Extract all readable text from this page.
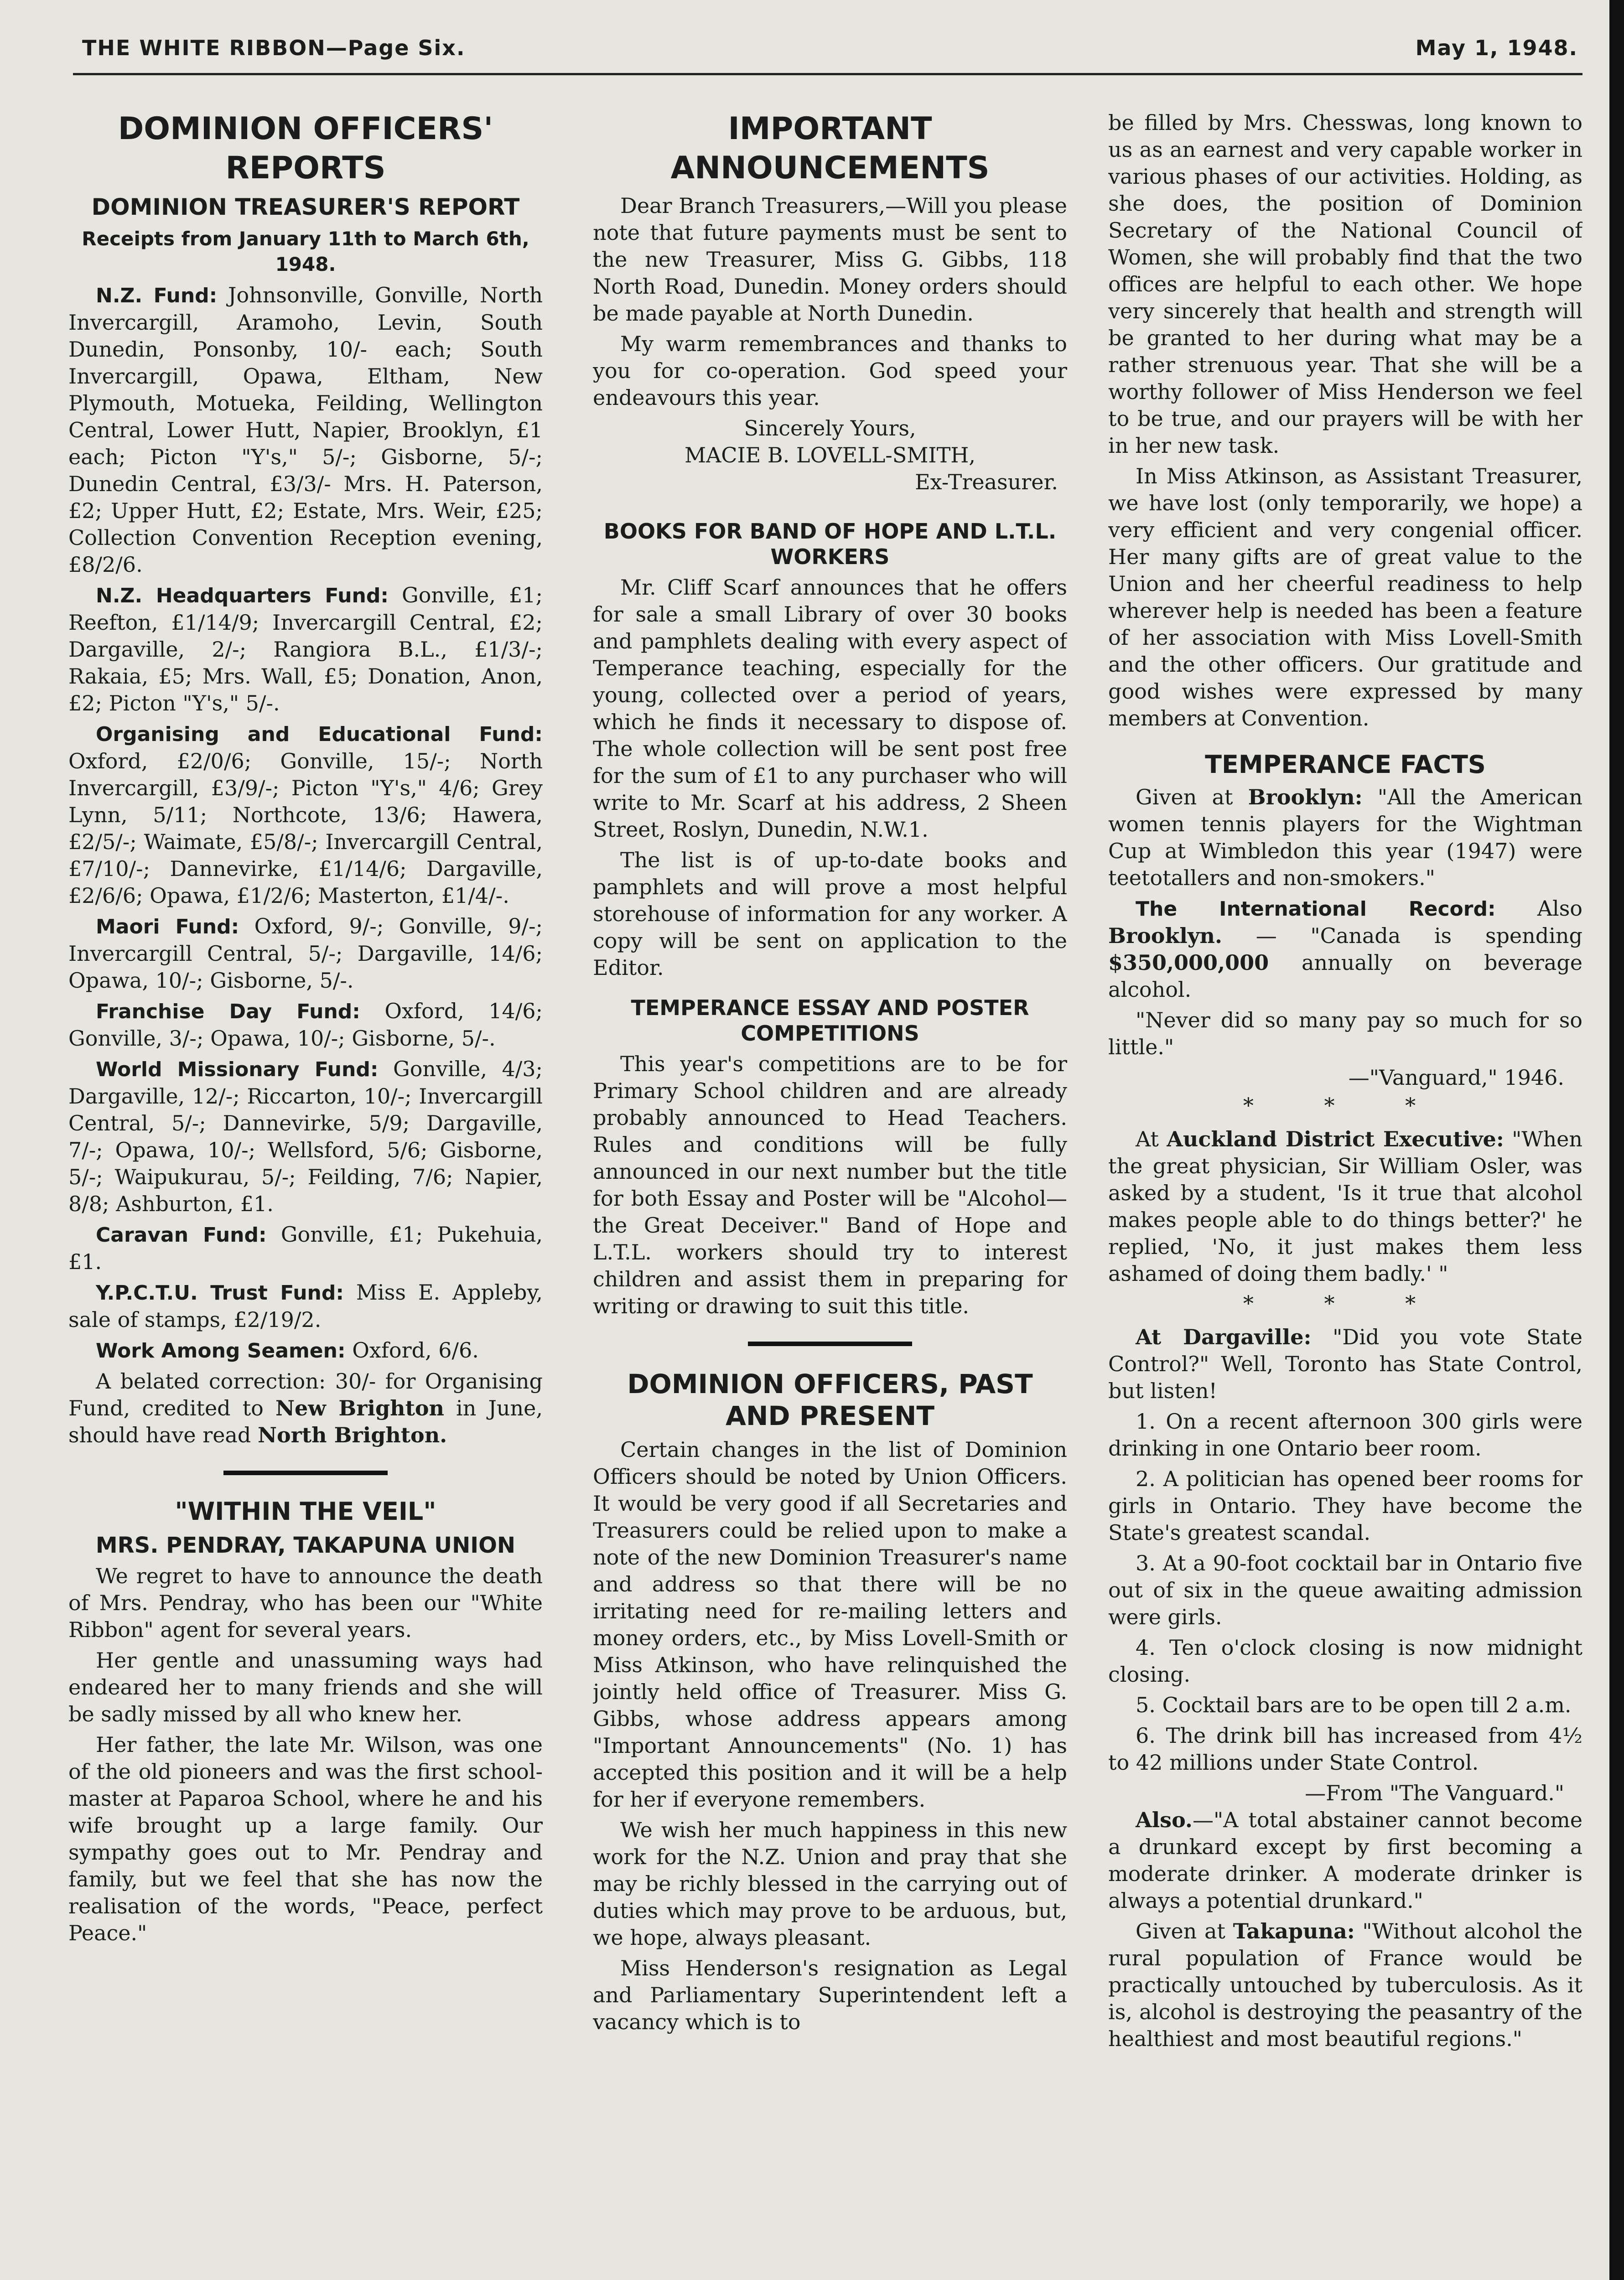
THE WHITE RIBBON—Page Six.	May 1, 1948.
DOMINION OFFICERS' REPORTS
DOMINION TREASURER'S REPORT
Receipts from January 11th to March 6th, 1948.

N.Z. Fund: Johnsonville, Gonville, North Invercargill, Aramoho, Levin, South Dunedin, Ponsonby, 10/- each; South Invercargill, Opawa, Eltham, New Plymouth, Motueka, Feilding, Wellington Central, Lower Hutt, Napier, Brooklyn, £1 each; Picton "Y's," 5/-; Gisborne, 5/-; Dunedin Central, £3/3/- Mrs. H. Paterson, £2; Upper Hutt, £2; Estate, Mrs. Weir, £25; Collection Convention Reception evening, £8/2/6.

N.Z. Headquarters Fund: Gonville, £1; Reefton, £1/14/9; Invercargill Central, £2; Dargaville, 2/-; Rangiora B.L., £1/3/-; Rakaia, £5; Mrs. Wall, £5; Donation, Anon, £2; Picton "Y's," 5/-.

Organising and Educational Fund: Oxford, £2/0/6; Gonville, 15/-; North Invercargill, £3/9/-; Picton "Y's," 4/6; Grey Lynn, 5/11; Northcote, 13/6; Hawera, £2/5/-; Waimate, £5/8/-; Invercargill Central, £7/10/-; Dannevirke, £1/14/6; Dargaville, £2/6/6; Opawa, £1/2/6; Masterton, £1/4/-.

Maori Fund: Oxford, 9/-; Gonville, 9/-; Invercargill Central, 5/-; Dargaville, 14/6; Opawa, 10/-; Gisborne, 5/-.

Franchise Day Fund: Oxford, 14/6; Gonville, 3/-; Opawa, 10/-; Gisborne, 5/-.

World Missionary Fund: Gonville, 4/3; Dargaville, 12/-; Riccarton, 10/-; Invercargill Central, 5/-; Dannevirke, 5/9; Dargaville, 7/-; Opawa, 10/-; Wellsford, 5/6; Gisborne, 5/-; Waipukurau, 5/-; Feilding, 7/6; Napier, 8/8; Ashburton, £1.

Caravan Fund: Gonville, £1; Pukehuia, £1.

Y.P.C.T.U. Trust Fund: Miss E. Appleby, sale of stamps, £2/19/2.

Work Among Seamen: Oxford, 6/6.

A belated correction: 30/- for Organising Fund, credited to New Brighton in June, should have read North Brighton.

"WITHIN THE VEIL"
MRS. PENDRAY, TAKAPUNA UNION

We regret to have to announce the death of Mrs. Pendray, who has been our "White Ribbon" agent for several years.

Her gentle and unassuming ways had endeared her to many friends and she will be sadly missed by all who knew her.

Her father, the late Mr. Wilson, was one of the old pioneers and was the first school-master at Paparoa School, where he and his wife brought up a large family. Our sympathy goes out to Mr. Pendray and family, but we feel that she has now the realisation of the words, "Peace, perfect Peace."

IMPORTANT ANNOUNCEMENTS

Dear Branch Treasurers,—Will you please note that future payments must be sent to the new Treasurer, Miss G. Gibbs, 118 North Road, Dunedin. Money orders should be made payable at North Dunedin.

My warm remembrances and thanks to you for co-operation. God speed your endeavours this year.

Sincerely Yours,

MACIE B. LOVELL-SMITH,

Ex-Treasurer.

BOOKS FOR BAND OF HOPE AND L.T.L. WORKERS

Mr. Cliff Scarf announces that he offers for sale a small Library of over 30 books and pamphlets dealing with every aspect of Temperance teaching, especially for the young, collected over a period of years, which he finds it necessary to dispose of. The whole collection will be sent post free for the sum of £1 to any purchaser who will write to Mr. Scarf at his address, 2 Sheen Street, Roslyn, Dunedin, N.W.1.

The list is of up-to-date books and pamphlets and will prove a most helpful storehouse of information for any worker. A copy will be sent on application to the Editor.

TEMPERANCE ESSAY AND POSTER COMPETITIONS

This year's competitions are to be for Primary School children and are already probably announced to Head Teachers. Rules and conditions will be fully announced in our next number but the title for both Essay and Poster will be "Alcohol—the Great Deceiver." Band of Hope and L.T.L. workers should try to interest children and assist them in preparing for writing or drawing to suit this title.

DOMINION OFFICERS, PAST AND PRESENT

Certain changes in the list of Dominion Officers should be noted by Union Officers. It would be very good if all Secretaries and Treasurers could be relied upon to make a note of the new Dominion Treasurer's name and address so that there will be no irritating need for re-mailing letters and money orders, etc., by Miss Lovell-Smith or Miss Atkinson, who have relinquished the jointly held office of Treasurer. Miss G. Gibbs, whose address appears among "Important Announcements" (No. 1) has accepted this position and it will be a help for her if everyone remembers.

We wish her much happiness in this new work for the N.Z. Union and pray that she may be richly blessed in the carrying out of duties which may prove to be arduous, but, we hope, always pleasant.

Miss Henderson's resignation as Legal and Parliamentary Superintendent left a vacancy which is to

be filled by Mrs. Chesswas, long known to us as an earnest and very capable worker in various phases of our activities. Holding, as she does, the position of Dominion Secretary of the National Council of Women, she will probably find that the two offices are helpful to each other. We hope very sincerely that health and strength will be granted to her during what may be a rather strenuous year. That she will be a worthy follower of Miss Henderson we feel to be true, and our prayers will be with her in her new task.

In Miss Atkinson, as Assistant Treasurer, we have lost (only temporarily, we hope) a very efficient and very congenial officer. Her many gifts are of great value to the Union and her cheerful readiness to help wherever help is needed has been a feature of her association with Miss Lovell-Smith and the other officers. Our gratitude and good wishes were expressed by many members at Convention.

TEMPERANCE FACTS

Given at Brooklyn: "All the American women tennis players for the Wightman Cup at Wimbledon this year (1947) were teetotallers and non-smokers."

The International Record: Also Brooklyn. — "Canada is spending $350,000,000 annually on beverage alcohol.

"Never did so many pay so much for so little."

—"Vanguard," 1946.

* * *

At Auckland District Executive: "When the great physician, Sir William Osler, was asked by a student, 'Is it true that alcohol makes people able to do things better?' he replied, 'No, it just makes them less ashamed of doing them badly.' "

* * *

At Dargaville: "Did you vote State Control?" Well, Toronto has State Control, but listen!

1. On a recent afternoon 300 girls were drinking in one Ontario beer room.

2. A politician has opened beer rooms for girls in Ontario. They have become the State's greatest scandal.

3. At a 90-foot cocktail bar in Ontario five out of six in the queue awaiting admission were girls.

4. Ten o'clock closing is now midnight closing.

5. Cocktail bars are to be open till 2 a.m.

6. The drink bill has increased from 4½ to 42 millions under State Control.

—From "The Vanguard."

Also.—"A total abstainer cannot become a drunkard except by first becoming a moderate drinker. A moderate drinker is always a potential drunkard."

Given at Takapuna: "Without alcohol the rural population of France would be practically untouched by tuberculosis. As it is, alcohol is destroying the peasantry of the healthiest and most beautiful regions."
